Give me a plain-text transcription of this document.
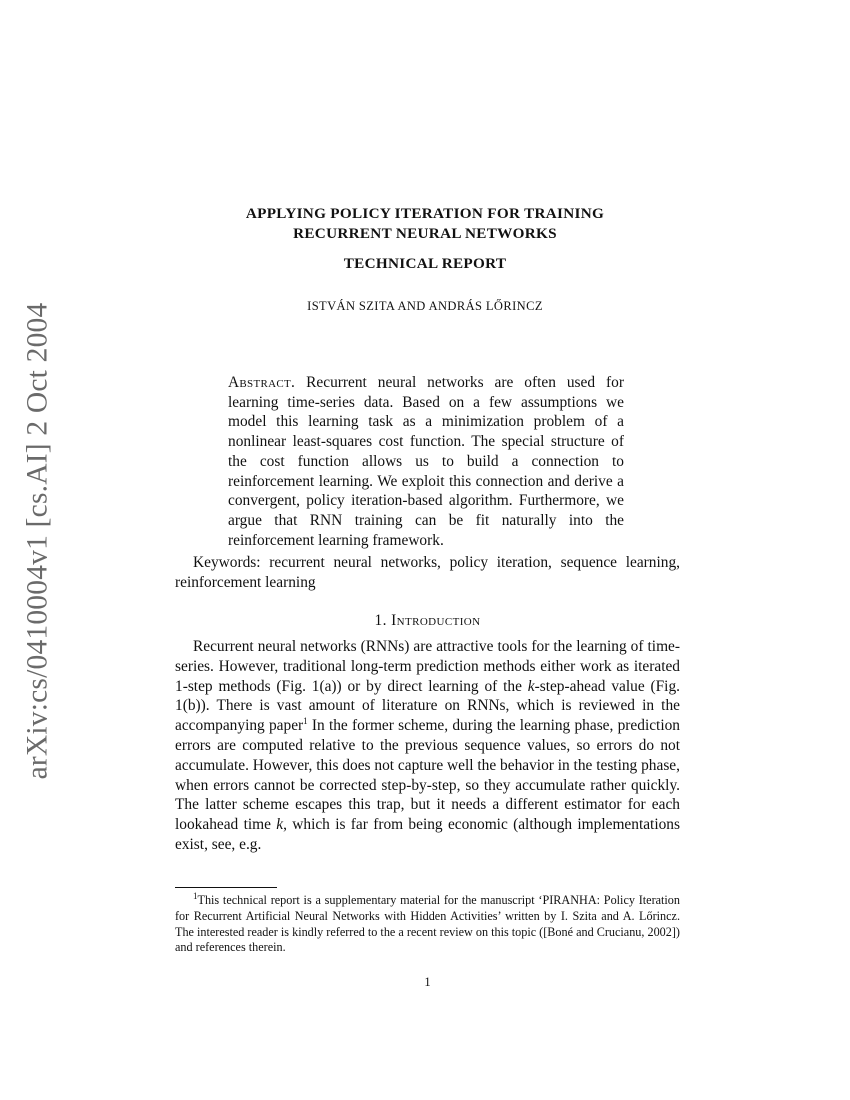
arXiv:cs/0410004v1 [cs.AI] 2 Oct 2004
APPLYING POLICY ITERATION FOR TRAINING
RECURRENT NEURAL NETWORKS
TECHNICAL REPORT
ISTVÁN SZITA AND ANDRÁS LŐRINCZ
Abstract. Recurrent neural networks are often used for learning time-series data. Based on a few assumptions we model this learning task as a minimization problem of a nonlinear least-squares cost function. The special structure of the cost function allows us to build a connection to reinforcement learning. We exploit this connection and derive a convergent, policy iteration-based algorithm. Furthermore, we argue that RNN training can be fit naturally into the reinforcement learning framework.
Keywords: recurrent neural networks, policy iteration, sequence learning, reinforcement learning
1. Introduction
Recurrent neural networks (RNNs) are attractive tools for the learning of time-series. However, traditional long-term prediction methods either work as iterated 1-step methods (Fig. 1(a)) or by direct learning of the k-step-ahead value (Fig. 1(b)). There is vast amount of literature on RNNs, which is reviewed in the accompanying paper$^1$ In the former scheme, during the learning phase, prediction errors are computed relative to the previous sequence values, so errors do not accumulate. However, this does not capture well the behavior in the testing phase, when errors cannot be corrected step-by-step, so they accumulate rather quickly. The latter scheme escapes this trap, but it needs a different estimator for each lookahead time k, which is far from being economic (although implementations exist, see, e.g.
$^1$This technical report is a supplementary material for the manuscript ‘PIRANHA: Policy Iteration for Recurrent Artificial Neural Networks with Hidden Activities’ written by I. Szita and A. Lőrincz. The interested reader is kindly referred to the a recent review on this topic ([Boné and Crucianu, 2002]) and references therein.
1
